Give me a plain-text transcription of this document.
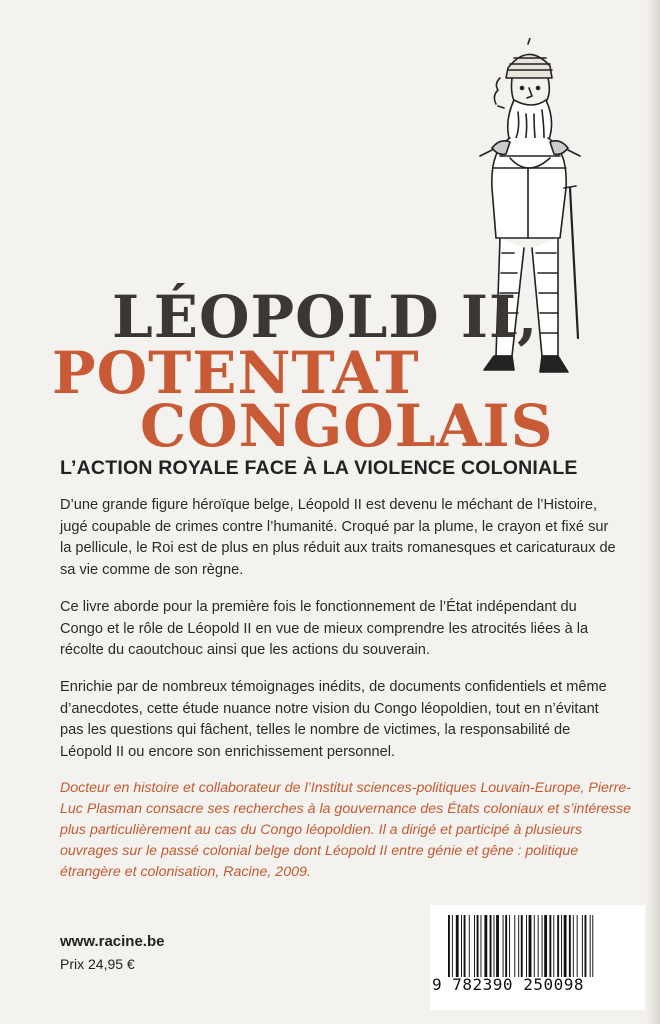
LÉOPOLD II,
POTENTAT
CONGOLAIS
L’ACTION ROYALE FACE À LA VIOLENCE COLONIALE

D’une grande figure héroïque belge, Léopold II est devenu le méchant de l’Histoire, jugé coupable de crimes contre l’humanité. Croqué par la plume, le crayon et fixé sur la pellicule, le Roi est de plus en plus réduit aux traits romanesques et caricaturaux de sa vie comme de son règne.

Ce livre aborde pour la première fois le fonctionnement de l’État indépendant du Congo et le rôle de Léopold II en vue de mieux comprendre les atrocités liées à la récolte du caoutchouc ainsi que les actions du souverain.

Enrichie par de nombreux témoignages inédits, de documents confidentiels et même d’anecdotes, cette étude nuance notre vision du Congo léopoldien, tout en n’évitant pas les questions qui fâchent, telles le nombre de victimes, la responsabilité de Léopold II ou encore son enrichissement personnel.

Docteur en histoire et collaborateur de l’Institut sciences-politiques Louvain-Europe, Pierre-Luc Plasman consacre ses recherches à la gouvernance des États coloniaux et s’intéresse plus particulièrement au cas du Congo léopoldien. Il a dirigé et participé à plusieurs ouvrages sur le passé colonial belge dont Léopold II entre génie et gêne : politique étrangère et colonisation, Racine, 2009.

www.racine.be

Prix 24,95 €

9 782390 250098
